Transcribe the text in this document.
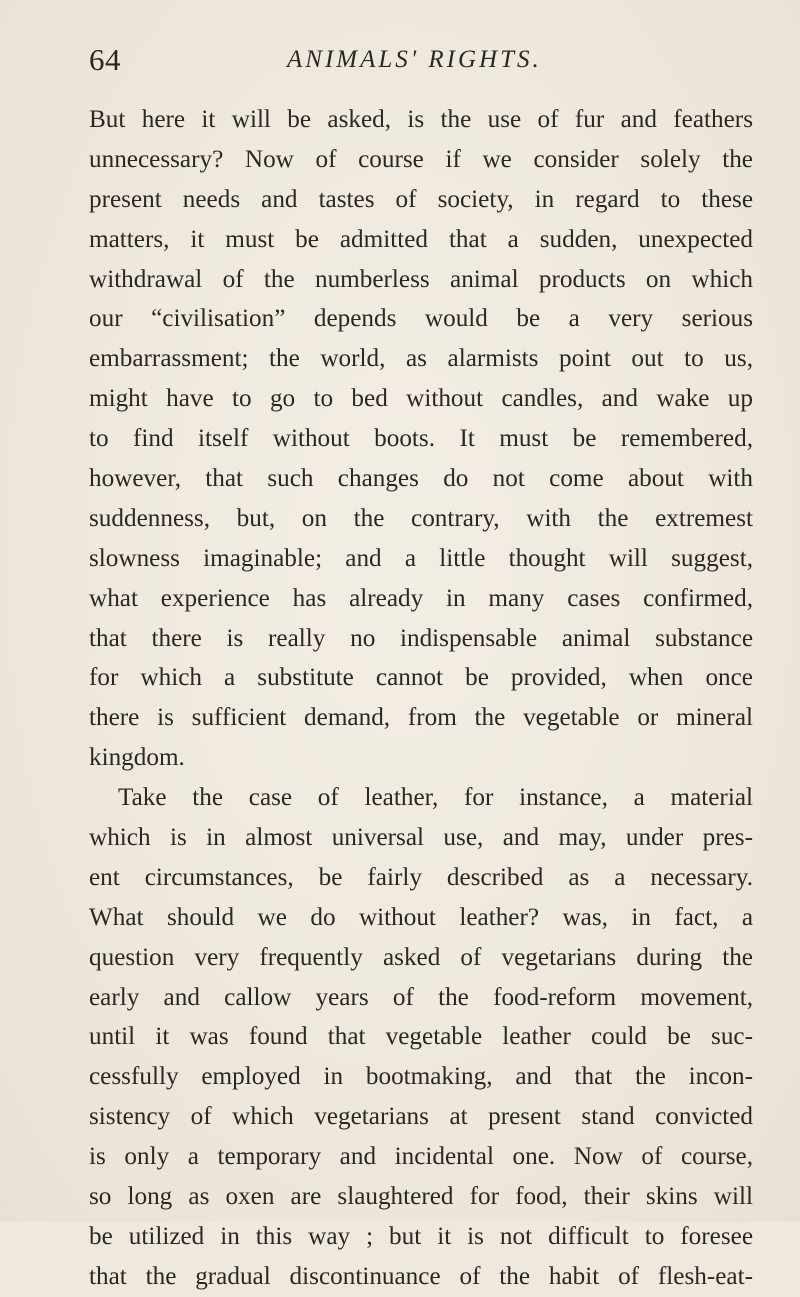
64	ANIMALS' RIGHTS.
But here it will be asked, is the use of fur and feathers
unnecessary? Now of course if we consider solely the
present needs and tastes of society, in regard to these
matters, it must be admitted that a sudden, unexpected
withdrawal of the numberless animal products on which
our “civilisation” depends would be a very serious
embarrassment; the world, as alarmists point out to us,
might have to go to bed without candles, and wake up
to find itself without boots. It must be remembered,
however, that such changes do not come about with
suddenness, but, on the contrary, with the extremest
slowness imaginable; and a little thought will suggest,
what experience has already in many cases confirmed,
that there is really no indispensable animal substance
for which a substitute cannot be provided, when once
there is sufficient demand, from the vegetable or mineral
kingdom.
Take the case of leather, for instance, a material
which is in almost universal use, and may, under pres-
ent circumstances, be fairly described as a necessary.
What should we do without leather? was, in fact, a
question very frequently asked of vegetarians during the
early and callow years of the food-reform movement,
until it was found that vegetable leather could be suc-
cessfully employed in bootmaking, and that the incon-
sistency of which vegetarians at present stand convicted
is only a temporary and incidental one. Now of course,
so long as oxen are slaughtered for food, their skins will
be utilized in this way ; but it is not difficult to foresee
that the gradual discontinuance of the habit of flesh-eat-
